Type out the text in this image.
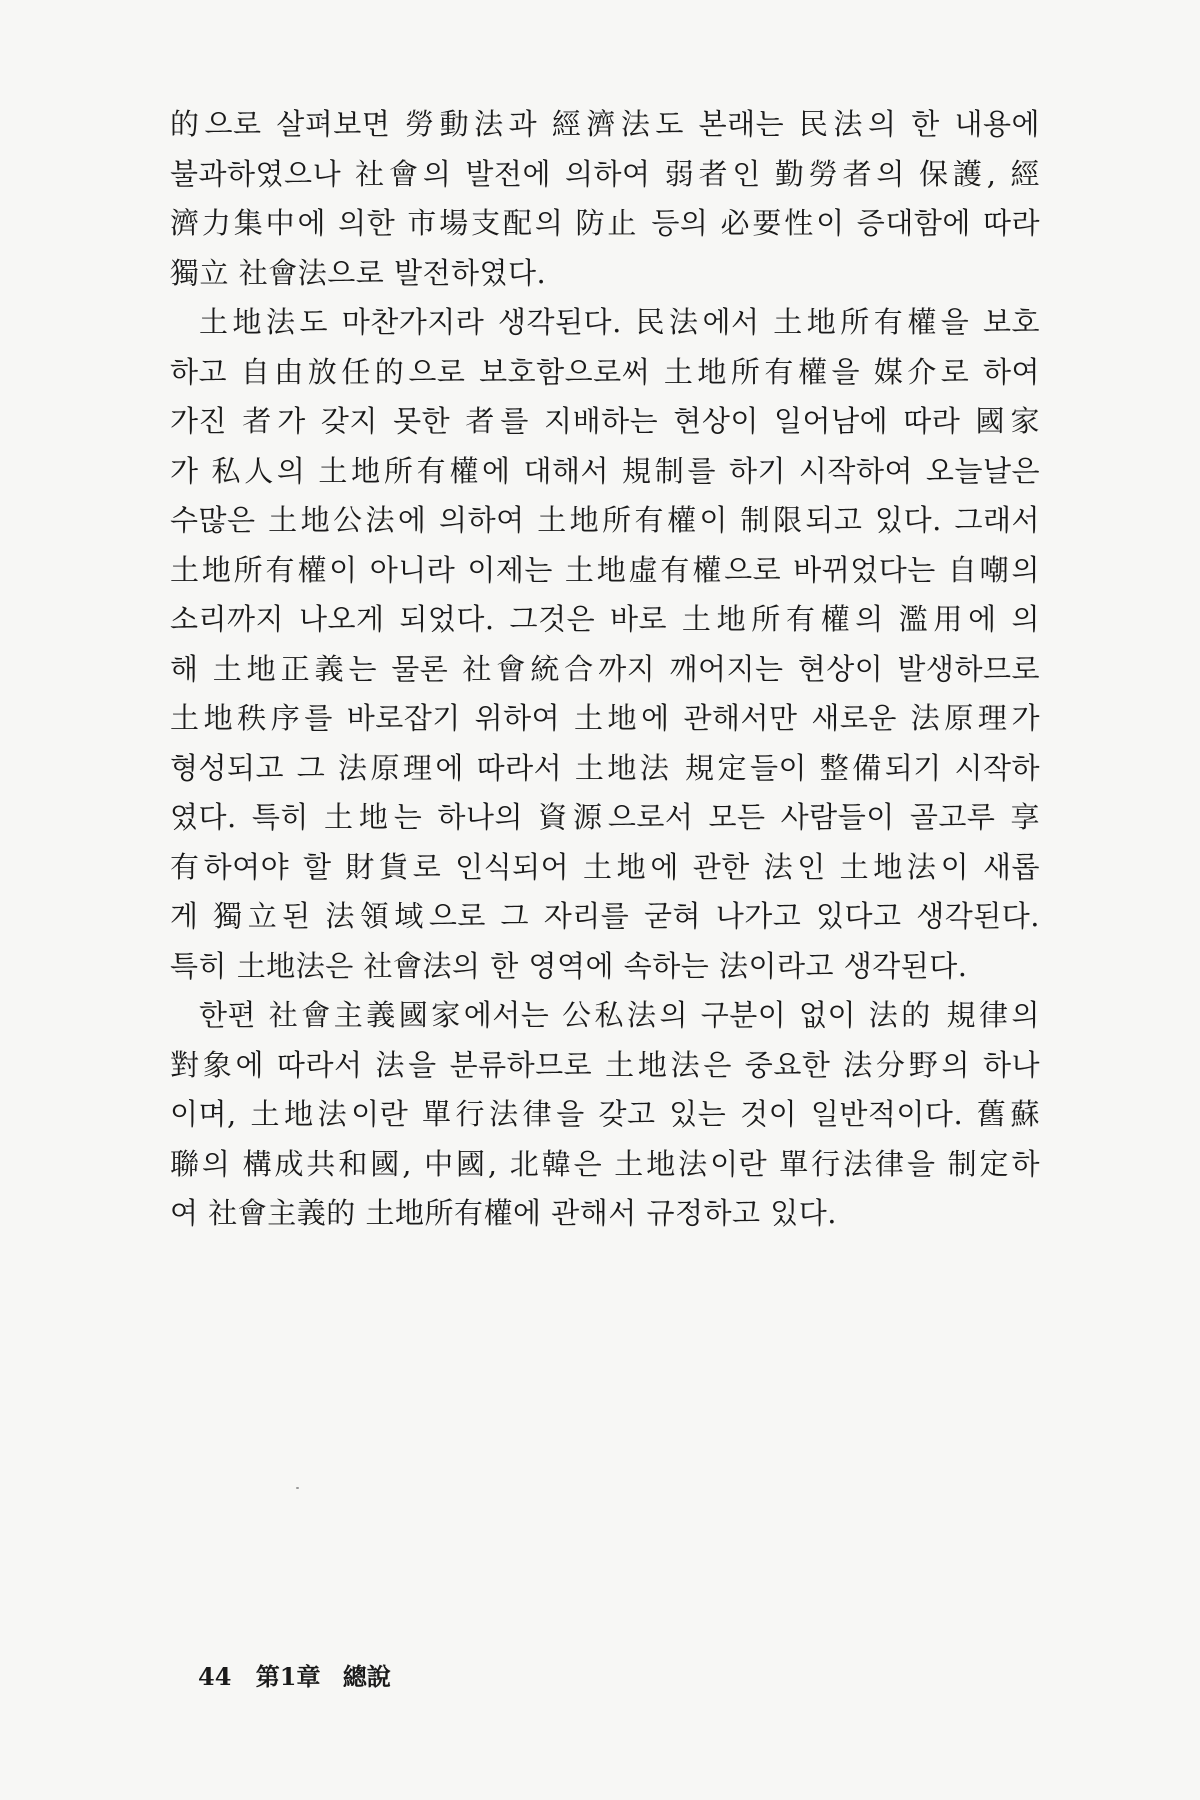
的으로 살펴보면 勞動法과 經濟法도 본래는 民法의 한 내용에
불과하였으나 社會의 발전에 의하여 弱者인 勤勞者의 保護, 經
濟力集中에 의한 市場支配의 防止 등의 必要性이 증대함에 따라
獨立 社會法으로 발전하였다.

土地法도 마찬가지라 생각된다. 民法에서 土地所有權을 보호
하고 自由放任的으로 보호함으로써 土地所有權을 媒介로 하여
가진 者가 갖지 못한 者를 지배하는 현상이 일어남에 따라 國家
가 私人의 土地所有權에 대해서 規制를 하기 시작하여 오늘날은
수많은 土地公法에 의하여 土地所有權이 制限되고 있다. 그래서
土地所有權이 아니라 이제는 土地虛有權으로 바뀌었다는 自嘲의
소리까지 나오게 되었다. 그것은 바로 土地所有權의 濫用에 의
해 土地正義는 물론 社會統合까지 깨어지는 현상이 발생하므로
土地秩序를 바로잡기 위하여 土地에 관해서만 새로운 法原理가
형성되고 그 法原理에 따라서 土地法 規定들이 整備되기 시작하
였다. 특히 土地는 하나의 資源으로서 모든 사람들이 골고루 享
有하여야 할 財貨로 인식되어 土地에 관한 法인 土地法이 새롭
게 獨立된 法領域으로 그 자리를 굳혀 나가고 있다고 생각된다.
특히 土地法은 社會法의 한 영역에 속하는 法이라고 생각된다.

한편 社會主義國家에서는 公私法의 구분이 없이 法的 規律의
對象에 따라서 法을 분류하므로 土地法은 중요한 法分野의 하나
이며, 土地法이란 單行法律을 갖고 있는 것이 일반적이다. 舊蘇
聯의 構成共和國, 中國, 北韓은 土地法이란 單行法律을 制定하
여 社會主義的 土地所有權에 관해서 규정하고 있다.

44 第1章 總說
